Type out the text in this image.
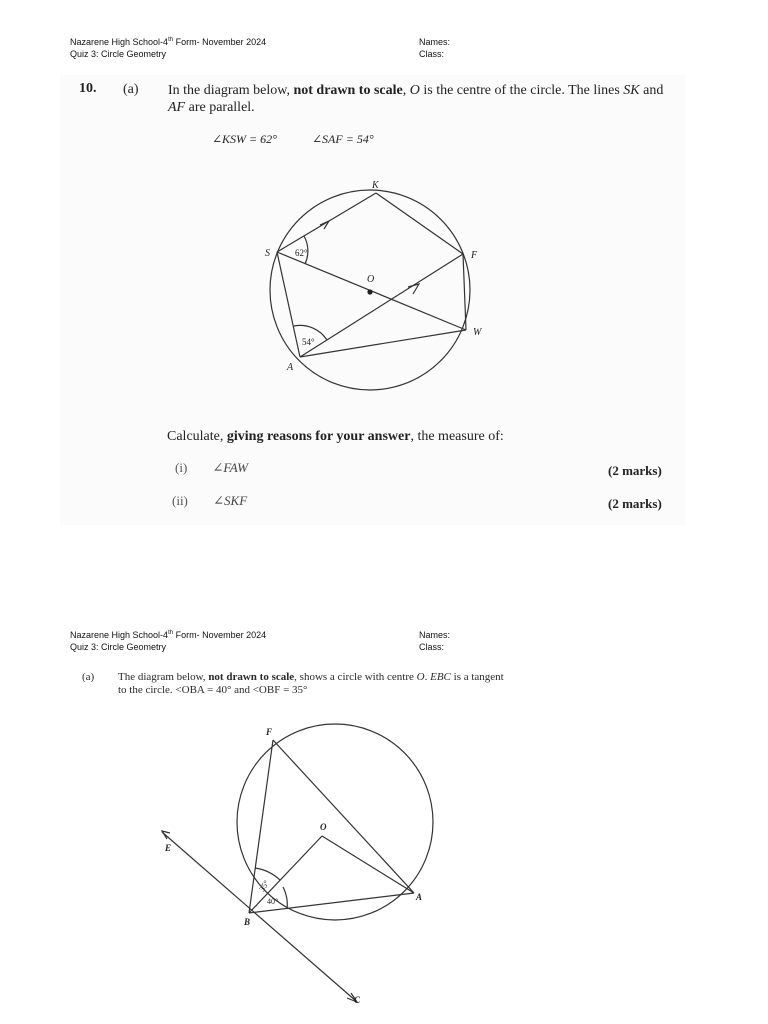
Nazarene High School-4th Form- November 2024
Quiz 3: Circle Geometry
Names:
Class:
10. (a) In the diagram below, not drawn to scale, O is the centre of the circle. The lines SK and
AF are parallel.
∠KSW = 62°	∠SAF = 54°
Calculate, giving reasons for your answer, the measure of:
(i) ∠FAW	(2 marks)
(ii) ∠SKF	(2 marks)
K
S	F
O
W
A
62°
54°
Nazarene High School-4th Form- November 2024
Quiz 3: Circle Geometry
Names:
Class:
(a) The diagram below, not drawn to scale, shows a circle with centre O. EBC is a tangent
to the circle. <OBA = 40° and <OBF = 35°
F
O
E
A
B
C
35°
40°
